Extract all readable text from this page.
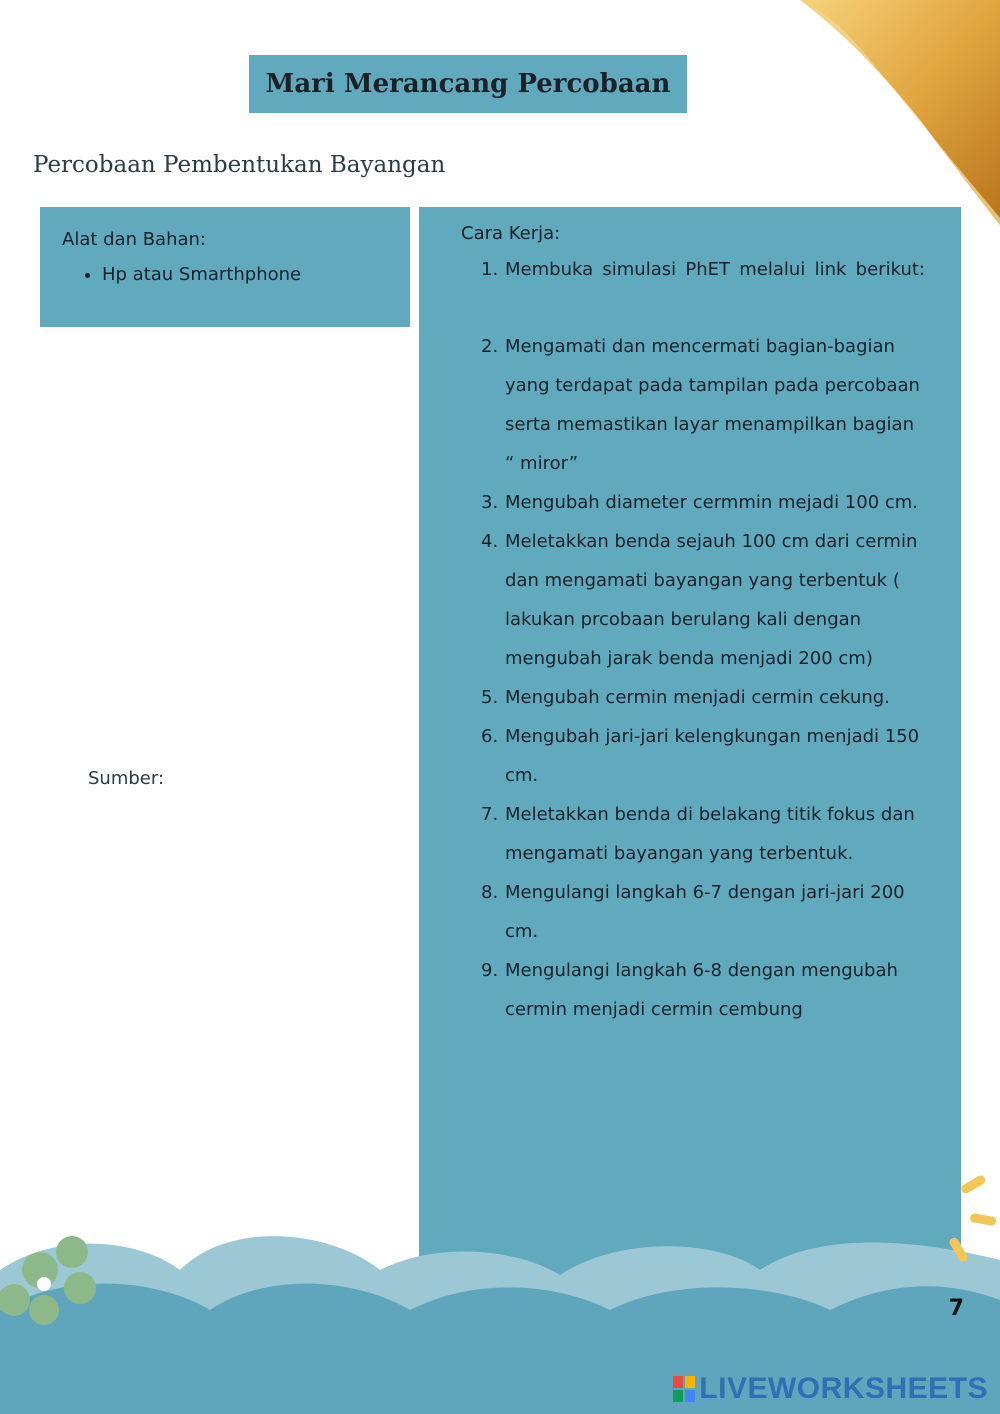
Mari Merancang Percobaan
Percobaan Pembentukan Bayangan

Alat dan Bahan:

• Hp atau Smarthphone
Sumber:

Cara Kerja:

1. Membuka simulasi PhET melalui link berikut:
2. Mengamati dan mencermati bagian-bagian yang terdapat pada tampilan pada percobaan serta memastikan layar menampilkan bagian “ miror”
3. Mengubah diameter cermmin mejadi 100 cm.
4. Meletakkan benda sejauh 100 cm dari cermin dan mengamati bayangan yang terbentuk ( lakukan prcobaan berulang kali dengan mengubah jarak benda menjadi 200 cm)
5. Mengubah cermin menjadi cermin cekung.
6. Mengubah jari-jari kelengkungan menjadi 150 cm.
7. Meletakkan benda di belakang titik fokus dan mengamati bayangan yang terbentuk.
8. Mengulangi langkah 6-7 dengan jari-jari 200 cm.
9. Mengulangi langkah 6-8 dengan mengubah cermin menjadi cermin cembung
7
LIVEWORKSHEETS
